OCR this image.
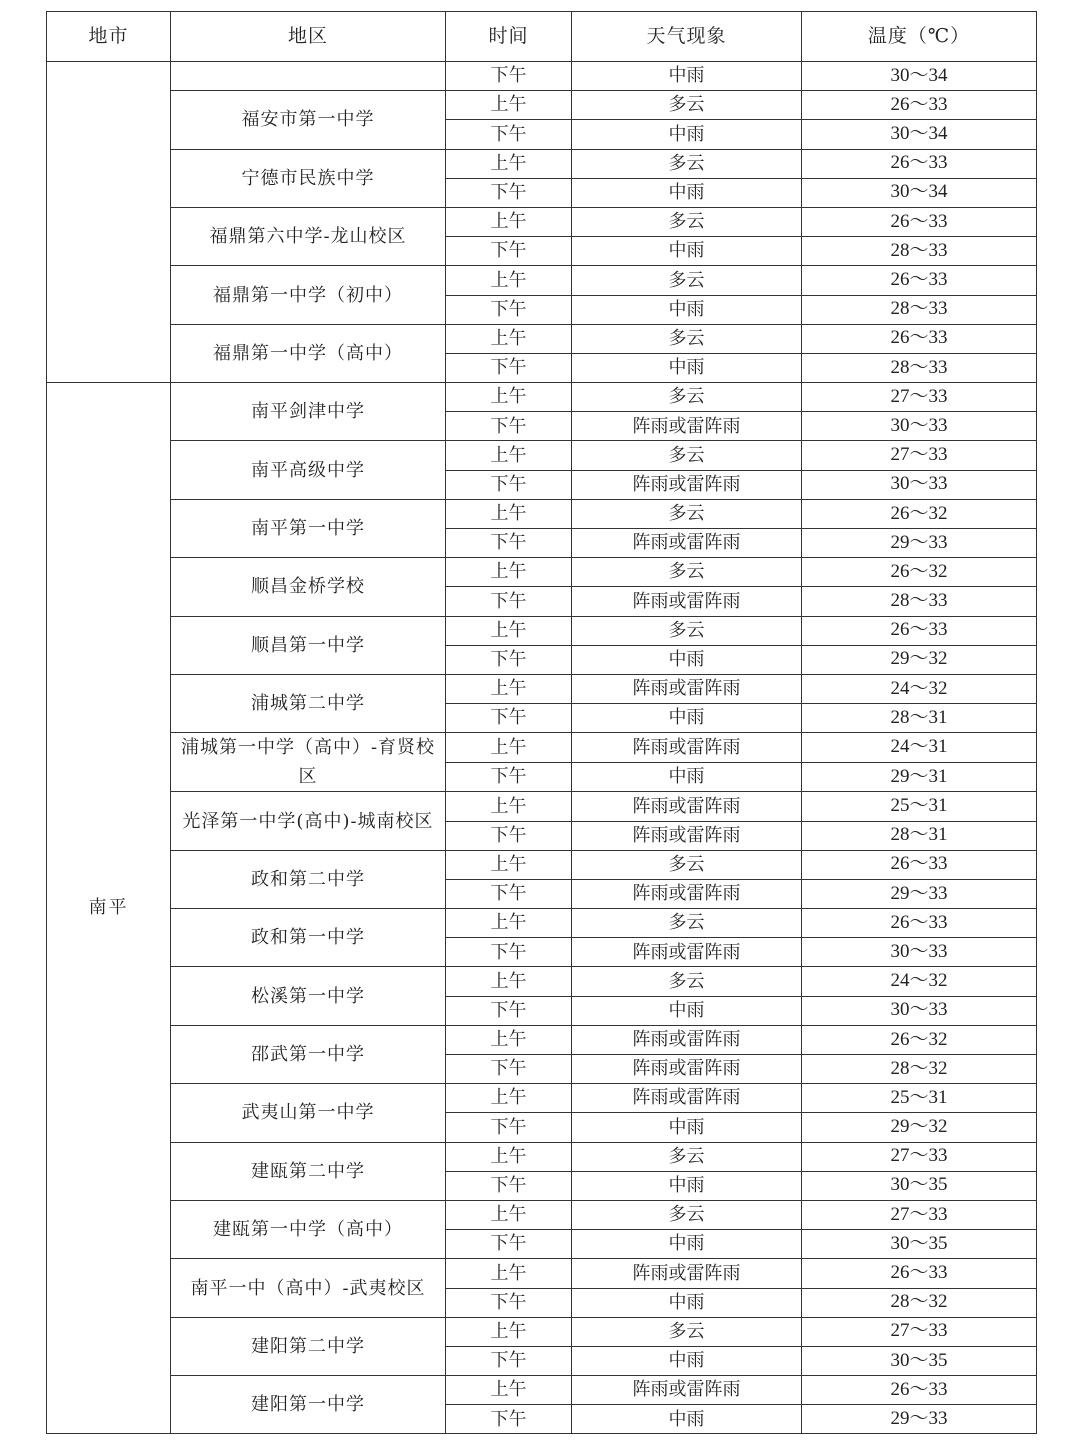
地市	地区	时间	天气现象	温度（℃）
		下午	中雨	30～34
	福安市第一中学	上午	多云	26～33
		下午	中雨	30～34
	宁德市民族中学	上午	多云	26～33
		下午	中雨	30～34
	福鼎第六中学-龙山校区	上午	多云	26～33
		下午	中雨	28～33
	福鼎第一中学（初中）	上午	多云	26～33
		下午	中雨	28～33
	福鼎第一中学（高中）	上午	多云	26～33
		下午	中雨	28～33
南平	南平剑津中学	上午	多云	27～33
		下午	阵雨或雷阵雨	30～33
	南平高级中学	上午	多云	27～33
		下午	阵雨或雷阵雨	30～33
	南平第一中学	上午	多云	26～32
		下午	阵雨或雷阵雨	29～33
	顺昌金桥学校	上午	多云	26～32
		下午	阵雨或雷阵雨	28～33
	顺昌第一中学	上午	多云	26～33
		下午	中雨	29～32
	浦城第二中学	上午	阵雨或雷阵雨	24～32
		下午	中雨	28～31
	浦城第一中学（高中）-育贤校区	上午	阵雨或雷阵雨	24～31
		下午	中雨	29～31
	光泽第一中学(高中)-城南校区	上午	阵雨或雷阵雨	25～31
		下午	阵雨或雷阵雨	28～31
	政和第二中学	上午	多云	26～33
		下午	阵雨或雷阵雨	29～33
	政和第一中学	上午	多云	26～33
		下午	阵雨或雷阵雨	30～33
	松溪第一中学	上午	多云	24～32
		下午	中雨	30～33
	邵武第一中学	上午	阵雨或雷阵雨	26～32
		下午	阵雨或雷阵雨	28～32
	武夷山第一中学	上午	阵雨或雷阵雨	25～31
		下午	中雨	29～32
	建瓯第二中学	上午	多云	27～33
		下午	中雨	30～35
	建瓯第一中学（高中）	上午	多云	27～33
		下午	中雨	30～35
	南平一中（高中）-武夷校区	上午	阵雨或雷阵雨	26～33
		下午	中雨	28～32
	建阳第二中学	上午	多云	27～33
		下午	中雨	30～35
	建阳第一中学	上午	阵雨或雷阵雨	26～33
		下午	中雨	29～33
